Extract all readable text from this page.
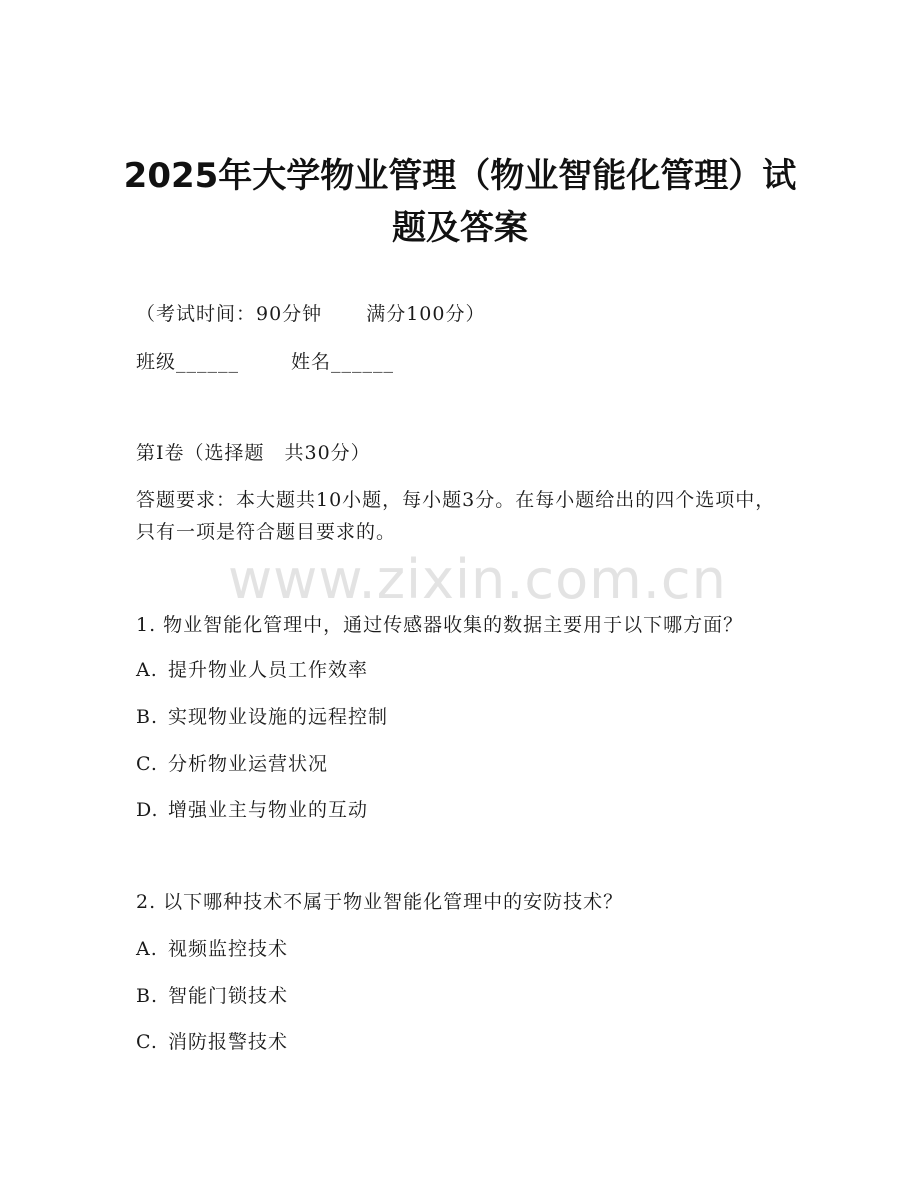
www.zixin.com.cn
2025年大学物业管理（物业智能化管理）试
题及答案
（考试时间：90分钟 满分100分）
班级______	姓名______
第I卷（选择题　共30分）
答题要求：本大题共10小题，每小题3分。在每小题给出的四个选项中，只有一项是符合题目要求的。
1. 物业智能化管理中，通过传感器收集的数据主要用于以下哪方面？
A. 提升物业人员工作效率
B. 实现物业设施的远程控制
C. 分析物业运营状况
D. 增强业主与物业的互动
2. 以下哪种技术不属于物业智能化管理中的安防技术？
A. 视频监控技术
B. 智能门锁技术
C. 消防报警技术
